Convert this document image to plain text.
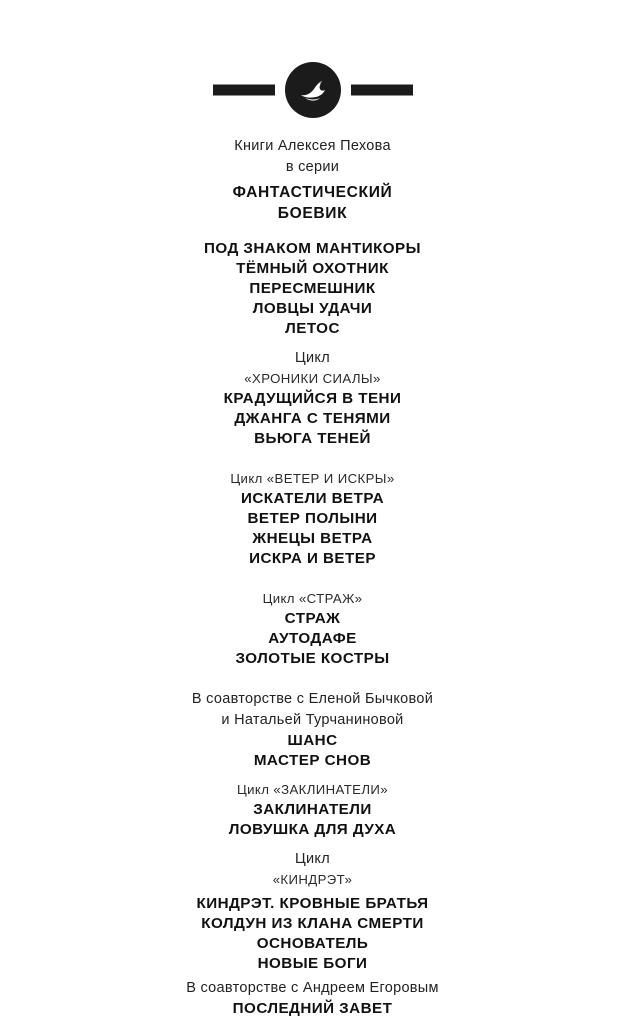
Книги Алексея Пехова
в серии
ФАНТАСТИЧЕСКИЙ
БОЕВИК
ПОД ЗНАКОМ МАНТИКОРЫ
ТЁМНЫЙ ОХОТНИК
ПЕРЕСМЕШНИК
ЛОВЦЫ УДАЧИ
ЛЕТОС
Цикл
«ХРОНИКИ СИАЛЫ»
КРАДУЩИЙСЯ В ТЕНИ
ДЖАНГА С ТЕНЯМИ
ВЬЮГА ТЕНЕЙ
Цикл «ВЕТЕР И ИСКРЫ»
ИСКАТЕЛИ ВЕТРА
ВЕТЕР ПОЛЫНИ
ЖНЕЦЫ ВЕТРА
ИСКРА И ВЕТЕР
Цикл «СТРАЖ»
СТРАЖ
АУТОДАФЕ
ЗОЛОТЫЕ КОСТРЫ
В соавторстве с Еленой Бычковой
и Натальей Турчаниновой
ШАНС
МАСТЕР СНОВ
Цикл «ЗАКЛИНАТЕЛИ»
ЗАКЛИНАТЕЛИ
ЛОВУШКА ДЛЯ ДУХА
Цикл
«КИНДРЭТ»
КИНДРЭТ. КРОВНЫЕ БРАТЬЯ
КОЛДУН ИЗ КЛАНА СМЕРТИ
ОСНОВАТЕЛЬ
НОВЫЕ БОГИ
В соавторстве с Андреем Егоровым
ПОСЛЕДНИЙ ЗАВЕТ
